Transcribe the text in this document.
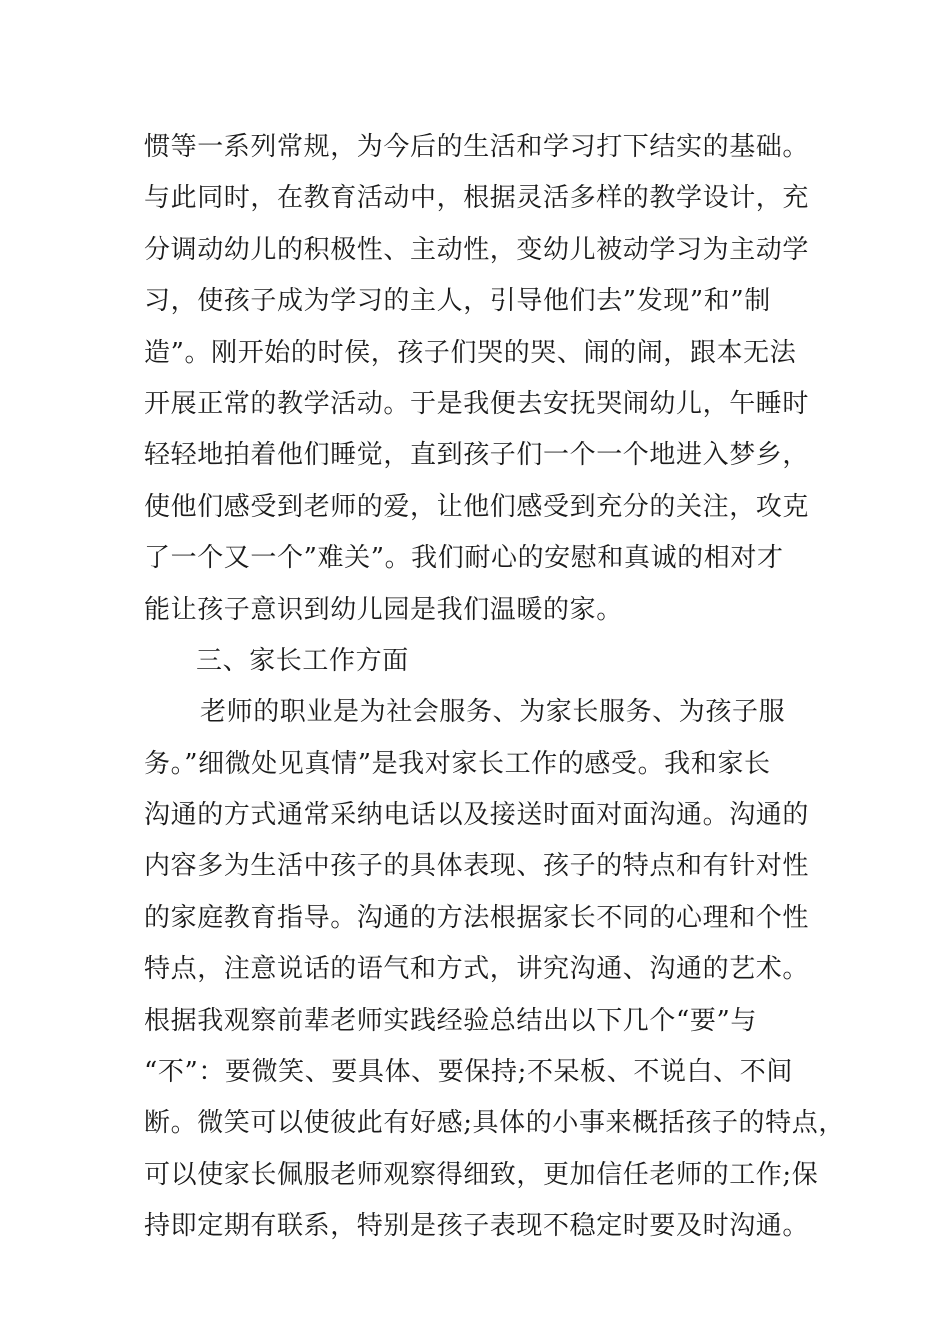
惯等一系列常规，为今后的生活和学习打下结实的基础。
与此同时，在教育活动中，根据灵活多样的教学设计，充
分调动幼儿的积极性、主动性，变幼儿被动学习为主动学
习，使孩子成为学习的主人，引导他们去”发现”和”制
造”。刚开始的时侯，孩子们哭的哭、闹的闹，跟本无法
开展正常的教学活动。于是我便去安抚哭闹幼儿，午睡时
轻轻地拍着他们睡觉，直到孩子们一个一个地进入梦乡，
使他们感受到老师的爱，让他们感受到充分的关注，攻克
了一个又一个”难关”。我们耐心的安慰和真诚的相对才
能让孩子意识到幼儿园是我们温暖的家。
三、家长工作方面
老师的职业是为社会服务、为家长服务、为孩子服
务。”细微处见真情”是我对家长工作的感受。我和家长
沟通的方式通常采纳电话以及接送时面对面沟通。沟通的
内容多为生活中孩子的具体表现、孩子的特点和有针对性
的家庭教育指导。沟通的方法根据家长不同的心理和个性
特点，注意说话的语气和方式，讲究沟通、沟通的艺术。
根据我观察前辈老师实践经验总结出以下几个“要”与
“不”：要微笑、要具体、要保持;不呆板、不说白、不间
断。微笑可以使彼此有好感;具体的小事来概括孩子的特点，
可以使家长佩服老师观察得细致，更加信任老师的工作;保
持即定期有联系，特别是孩子表现不稳定时要及时沟通。
